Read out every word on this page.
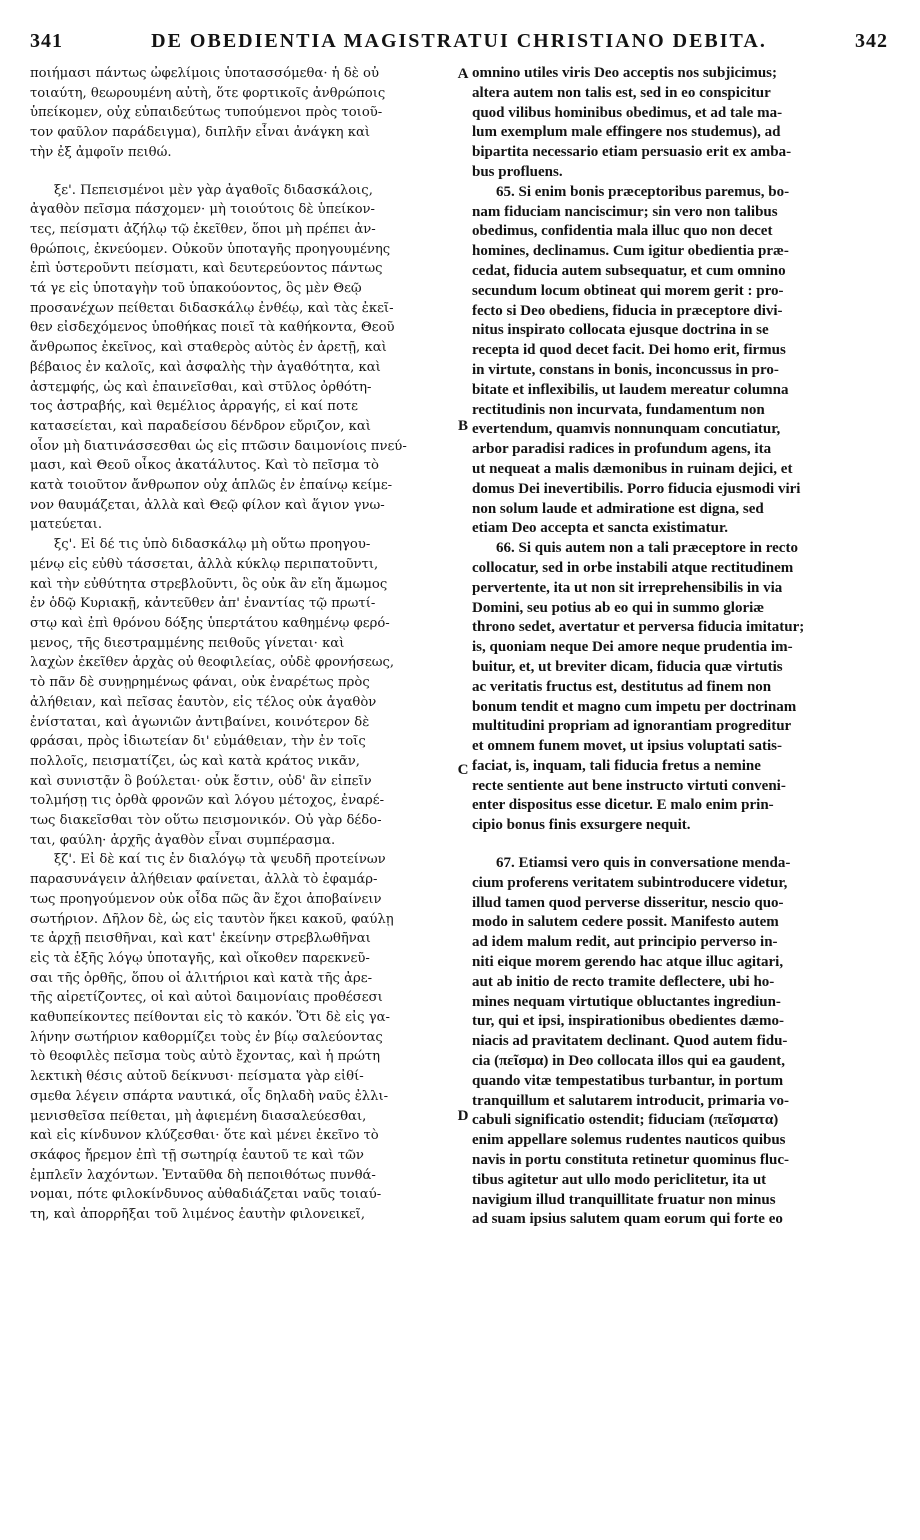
341	DE OBEDIENTIA MAGISTRATUI CHRISTIANO DEBITA.	342
ποιήμασι πάντως ὠφελίμοις ὑποτασσόμεθα· ἡ δὲ οὐ
τοιαύτη, θεωρουμένη αὐτὴ, ὅτε φορτικοῖς ἀνθρώποις
ὑπείκομεν, οὐχ εὐπαιδεύτως τυπούμενοι πρὸς τοιοῦ-
τον φαῦλον παράδειγμα), διπλῆν εἶναι ἀνάγκη καὶ
τὴν ἐξ ἀμφοῖν πειθώ.
ξε'. Πεπεισμένοι μὲν γὰρ ἀγαθοῖς διδασκάλοις,
ἀγαθὸν πεῖσμα πάσχομεν· μὴ τοιούτοις δὲ ὑπείκον-
τες, πείσματι ἀζήλῳ τῷ ἐκεῖθεν, ὅποι μὴ πρέπει ἀν-
θρώποις, ἐκνεύομεν. Οὐκοῦν ὑποταγῆς προηγουμένης
ἐπὶ ὑστεροῦντι πείσματι, καὶ δευτερεύοντος πάντως
τά γε εἰς ὑποταγὴν τοῦ ὑπακούοντος, ὃς μὲν Θεῷ
προσανέχων πείθεται διδασκάλῳ ἐνθέῳ, καὶ τὰς ἐκεῖ-
θεν εἰσδεχόμενος ὑποθήκας ποιεῖ τὰ καθήκοντα, Θεοῦ
ἄνθρωπος ἐκεῖνος, καὶ σταθερὸς αὐτὸς ἐν ἀρετῇ, καὶ
βέβαιος ἐν καλοῖς, καὶ ἀσφαλὴς τὴν ἀγαθότητα, καὶ
ἀστεμφής, ὡς καὶ ἐπαινεῖσθαι, καὶ στῦλος ὀρθότη-
τος ἀστραβής, καὶ θεμέλιος ἀρραγής, εἰ καί ποτε
κατασείεται, καὶ παραδείσου δένδρον εὔριζον, καὶ
οἷον μὴ διατινάσσεσθαι ὡς εἰς πτῶσιν δαιμονίοις πνεύ-
μασι, καὶ Θεοῦ οἶκος ἀκατάλυτος. Καὶ τὸ πεῖσμα τὸ
κατὰ τοιοῦτον ἄνθρωπον οὐχ ἁπλῶς ἐν ἐπαίνῳ κείμε-
νον θαυμάζεται, ἀλλὰ καὶ Θεῷ φίλον καὶ ἅγιον γνω-
ματεύεται.
ξς'. Εἰ δέ τις ὑπὸ διδασκάλῳ μὴ οὕτω προηγου-
μένῳ εἰς εὐθὺ τάσσεται, ἀλλὰ κύκλῳ περιπατοῦντι,
καὶ τὴν εὐθύτητα στρεβλοῦντι, ὃς οὐκ ἂν εἴη ἄμωμος
ἐν ὁδῷ Κυριακῇ, κἀντεῦθεν ἀπ' ἐναντίας τῷ πρωτί-
στῳ καὶ ἐπὶ θρόνου δόξης ὑπερτάτου καθημένῳ φερό-
μενος, τῆς διεστραμμένης πειθοῦς γίνεται· καὶ
λαχὼν ἐκεῖθεν ἀρχὰς οὐ θεοφιλείας, οὐδὲ φρονήσεως,
τὸ πᾶν δὲ συνῃρημένως φάναι, οὐκ ἐναρέτως πρὸς
ἀλήθειαν, καὶ πεῖσας ἑαυτὸν, εἰς τέλος οὐκ ἀγαθὸν
ἐνίσταται, καὶ ἀγωνιῶν ἀντιβαίνει, κοινότερον δὲ
φράσαι, πρὸς ἰδιωτείαν δι' εὐμάθειαν, τὴν ἐν τοῖς
πολλοῖς, πεισματίζει, ὡς καὶ κατὰ κράτος νικᾶν,
καὶ συνιστᾷν ὃ βούλεται· οὐκ ἔστιν, οὐδ' ἂν εἰπεῖν
τολμήσῃ τις ὀρθὰ φρονῶν καὶ λόγου μέτοχος, ἐναρέ-
τως διακεῖσθαι τὸν οὕτω πεισμονικόν. Οὐ γὰρ δέδο-
ται, φαύλη· ἀρχῆς ἀγαθὸν εἶναι συμπέρασμα.
ξζ'. Εἰ δὲ καί τις ἐν διαλόγῳ τὰ ψευδῆ προτείνων
παρασυνάγειν ἀλήθειαν φαίνεται, ἀλλὰ τὸ ἐφαμάρ-
τως προηγούμενον οὐκ οἶδα πῶς ἂν ἔχοι ἀποβαίνειν
σωτήριον. Δῆλον δὲ, ὡς εἰς ταυτὸν ἥκει κακοῦ, φαύλῃ
τε ἀρχῇ πεισθῆναι, καὶ κατ' ἐκείνην στρεβλωθῆναι
εἰς τὰ ἑξῆς λόγῳ ὑποταγῆς, καὶ οἴκοθεν παρεκνεῦ-
σαι τῆς ὀρθῆς, ὅπου οἱ ἀλιτήριοι καὶ κατὰ τῆς ἀρε-
τῆς αἱρετίζοντες, οἱ καὶ αὐτοὶ δαιμονίαις προθέσεσι
καθυπείκοντες πείθονται εἰς τὸ κακόν. Ὅτι δὲ εἰς γα-
λήνην σωτήριον καθορμίζει τοὺς ἐν βίῳ σαλεύοντας
τὸ θεοφιλὲς πεῖσμα τοὺς αὐτὸ ἔχοντας, καὶ ἡ πρώτη
λεκτικὴ θέσις αὐτοῦ δείκνυσι· πείσματα γὰρ εἰθί-
σμεθα λέγειν σπάρτα ναυτικά, οἷς δηλαδὴ ναῦς ἐλλι-
μενισθεῖσα πείθεται, μὴ ἀφιεμένη διασαλεύεσθαι,
καὶ εἰς κίνδυνον κλύζεσθαι· ὅτε καὶ μένει ἐκεῖνο τὸ
σκάφος ἤρεμον ἐπὶ τῇ σωτηρίᾳ ἑαυτοῦ τε καὶ τῶν
ἐμπλεῖν λαχόντων. Ἐνταῦθα δὴ πεποιθότως πυνθά-
νομαι, πότε φιλοκίνδυνος αὐθαδιάζεται ναῦς τοιαύ-
τη, καὶ ἀπορρῆξαι τοῦ λιμένος ἑαυτὴν φιλονεικεῖ,
omnino utiles viris Deo acceptis nos subjicimus;
altera autem non talis est, sed in eo conspicitur
quod vilibus hominibus obedimus, et ad tale ma-
lum exemplum male effingere nos studemus), ad
bipartita necessario etiam persuasio erit ex amba-
bus profluens.
65. Si enim bonis præceptoribus paremus, bo-
nam fiduciam nanciscimur; sin vero non talibus
obedimus, confidentia mala illuc quo non decet
homines, declinamus. Cum igitur obedientia præ-
cedat, fiducia autem subsequatur, et cum omnino
secundum locum obtineat qui morem gerit : pro-
fecto si Deo obediens, fiducia in præceptore divi-
nitus inspirato collocata ejusque doctrina in se
recepta id quod decet facit. Dei homo erit, firmus
in virtute, constans in bonis, inconcussus in pro-
bitate et inflexibilis, ut laudem mereatur columna
rectitudinis non incurvata, fundamentum non
evertendum, quamvis nonnunquam concutiatur,
arbor paradisi radices in profundum agens, ita
ut nequeat a malis dæmonibus in ruinam dejici, et
domus Dei inevertibilis. Porro fiducia ejusmodi viri
non solum laude et admiratione est digna, sed
etiam Deo accepta et sancta existimatur.
66. Si quis autem non a tali præceptore in recto
collocatur, sed in orbe instabili atque rectitudinem
pervertente, ita ut non sit irreprehensibilis in via
Domini, seu potius ab eo qui in summo gloriæ
throno sedet, avertatur et perversa fiducia imitatur;
is, quoniam neque Dei amore neque prudentia im-
buitur, et, ut breviter dicam, fiducia quæ virtutis
ac veritatis fructus est, destitutus ad finem non
bonum tendit et magno cum impetu per doctrinam
multitudini propriam ad ignorantiam progreditur
et omnem funem movet, ut ipsius voluptati satis-
faciat, is, inquam, tali fiducia fretus a nemine
recte sentiente aut bene instructo virtuti conveni-
enter dispositus esse dicetur. E malo enim prin-
cipio bonus finis exsurgere nequit.
67. Etiamsi vero quis in conversatione menda-
cium proferens veritatem subintroducere videtur,
illud tamen quod perverse disseritur, nescio quo-
modo in salutem cedere possit. Manifesto autem
ad idem malum redit, aut principio perverso in-
niti eique morem gerendo hac atque illuc agitari,
aut ab initio de recto tramite deflectere, ubi ho-
mines nequam virtutique obluctantes ingrediun-
tur, qui et ipsi, inspirationibus obedientes dæmo-
niacis ad pravitatem declinant. Quod autem fidu-
cia (πεῖσμα) in Deo collocata illos qui ea gaudent,
quando vitæ tempestatibus turbantur, in portum
tranquillum et salutarem introducit, primaria vo-
cabuli significatio ostendit; fiduciam (πεῖσματα)
enim appellare solemus rudentes nauticos quibus
navis in portu constituta retinetur quominus fluc-
tibus agitetur aut ullo modo periclitetur, ita ut
navigium illud tranquillitate fruatur non minus
ad suam ipsius salutem quam eorum qui forte eo
A
B
C
D
